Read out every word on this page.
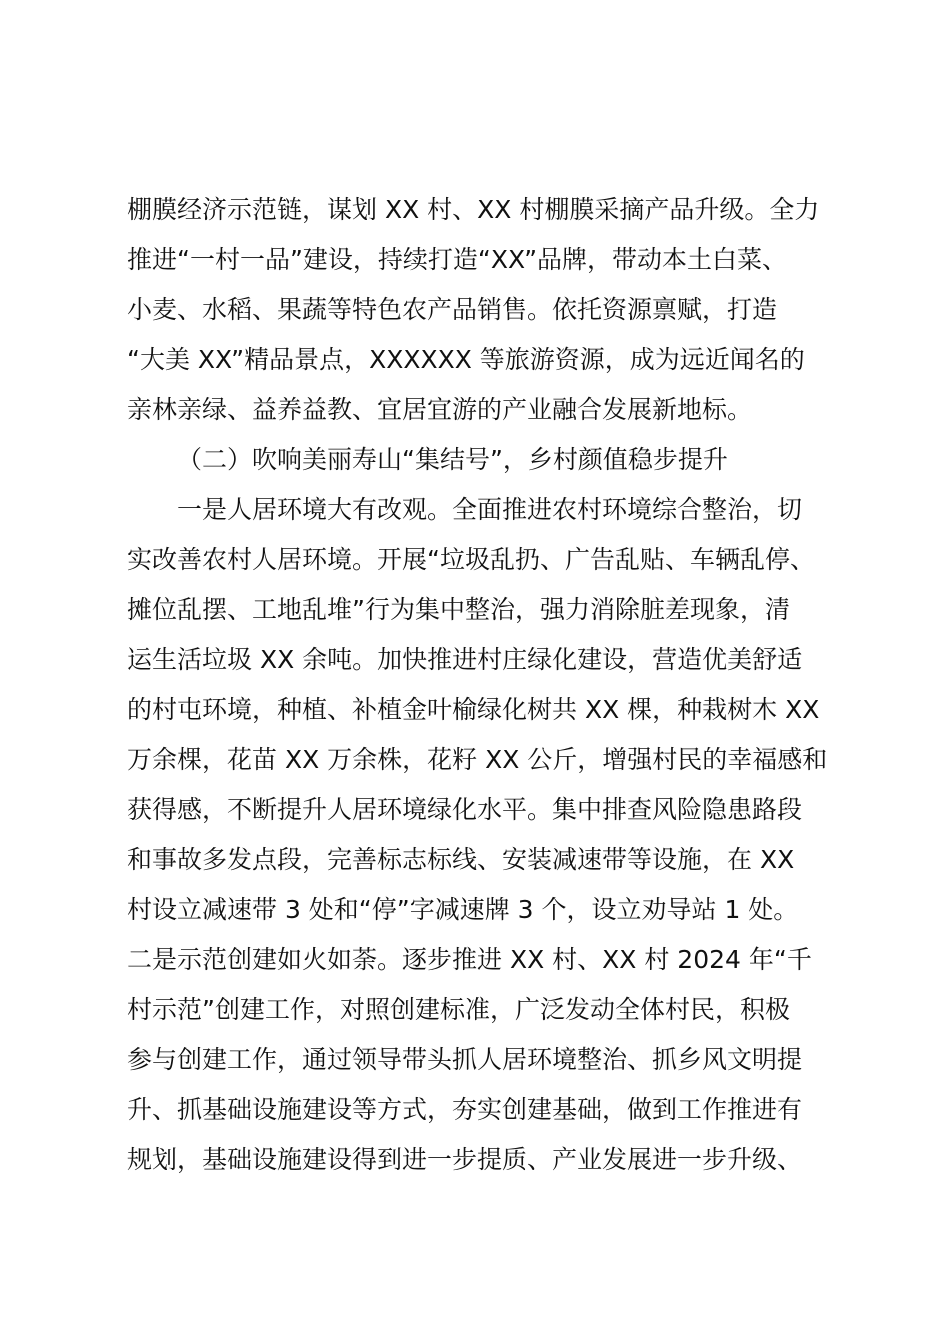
棚膜经济示范链，谋划 XX 村、XX 村棚膜采摘产品升级。全力
推进“一村一品”建设，持续打造“XX”品牌，带动本土白菜、
小麦、水稻、果蔬等特色农产品销售。依托资源禀赋，打造
“大美 XX”精品景点，XXXXXX 等旅游资源，成为远近闻名的
亲林亲绿、益养益教、宜居宜游的产业融合发展新地标。
（二）吹响美丽寿山“集结号”，乡村颜值稳步提升
一是人居环境大有改观。全面推进农村环境综合整治，切
实改善农村人居环境。开展“垃圾乱扔、广告乱贴、车辆乱停、
摊位乱摆、工地乱堆”行为集中整治，强力消除脏差现象，清
运生活垃圾 XX 余吨。加快推进村庄绿化建设，营造优美舒适
的村屯环境，种植、补植金叶榆绿化树共 XX 棵，种栽树木 XX
万余棵，花苗 XX 万余株，花籽 XX 公斤，增强村民的幸福感和
获得感，不断提升人居环境绿化水平。集中排查风险隐患路段
和事故多发点段，完善标志标线、安装减速带等设施，在 XX
村设立减速带 3 处和“停”字减速牌 3 个，设立劝导站 1 处。
二是示范创建如火如荼。逐步推进 XX 村、XX 村 2024 年“千
村示范”创建工作，对照创建标准，广泛发动全体村民，积极
参与创建工作，通过领导带头抓人居环境整治、抓乡风文明提
升、抓基础设施建设等方式，夯实创建基础，做到工作推进有
规划，基础设施建设得到进一步提质、产业发展进一步升级、
